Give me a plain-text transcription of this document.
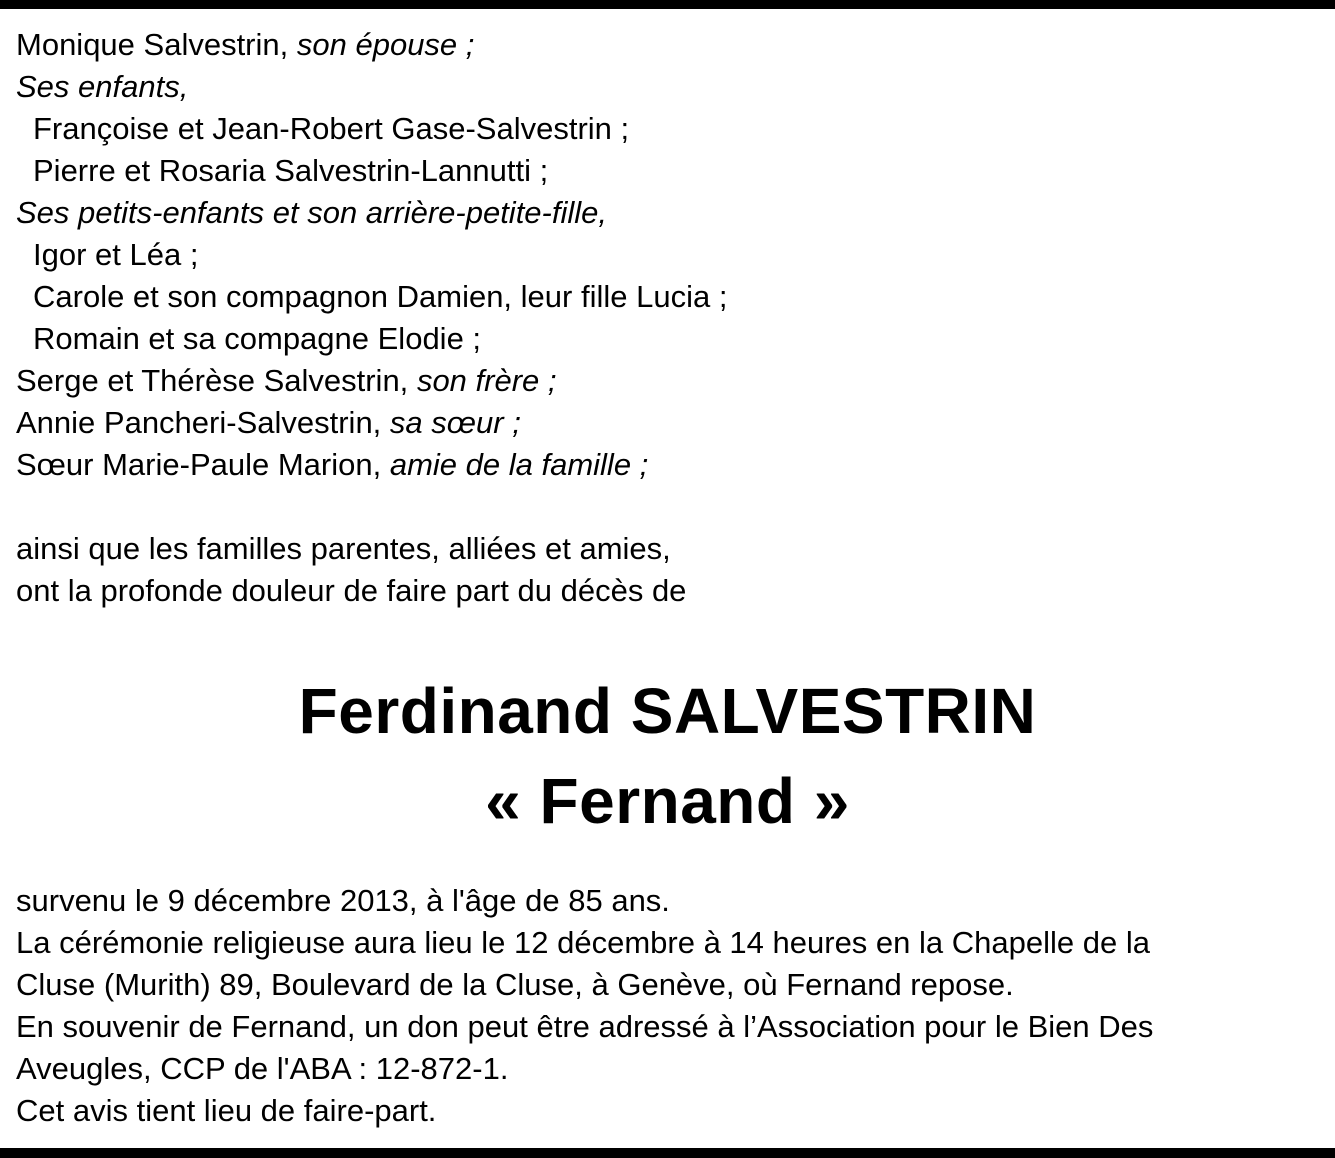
Monique Salvestrin, son épouse ;
Ses enfants,
Françoise et Jean-Robert Gase-Salvestrin ;
Pierre et Rosaria Salvestrin-Lannutti ;
Ses petits-enfants et son arrière-petite-fille,
Igor et Léa ;
Carole et son compagnon Damien, leur fille Lucia ;
Romain et sa compagne Elodie ;
Serge et Thérèse Salvestrin, son frère ;
Annie Pancheri-Salvestrin, sa sœur ;
Sœur Marie-Paule Marion, amie de la famille ;
ainsi que les familles parentes, alliées et amies,
ont la profonde douleur de faire part du décès de
Ferdinand SALVESTRIN
« Fernand »
survenu le 9 décembre 2013, à l'âge de 85 ans.
La cérémonie religieuse aura lieu le 12 décembre à 14 heures en la Chapelle de la
Cluse (Murith) 89, Boulevard de la Cluse, à Genève, où Fernand repose.
En souvenir de Fernand, un don peut être adressé à l’Association pour le Bien Des
Aveugles, CCP de l'ABA : 12-872-1.
Cet avis tient lieu de faire-part.
